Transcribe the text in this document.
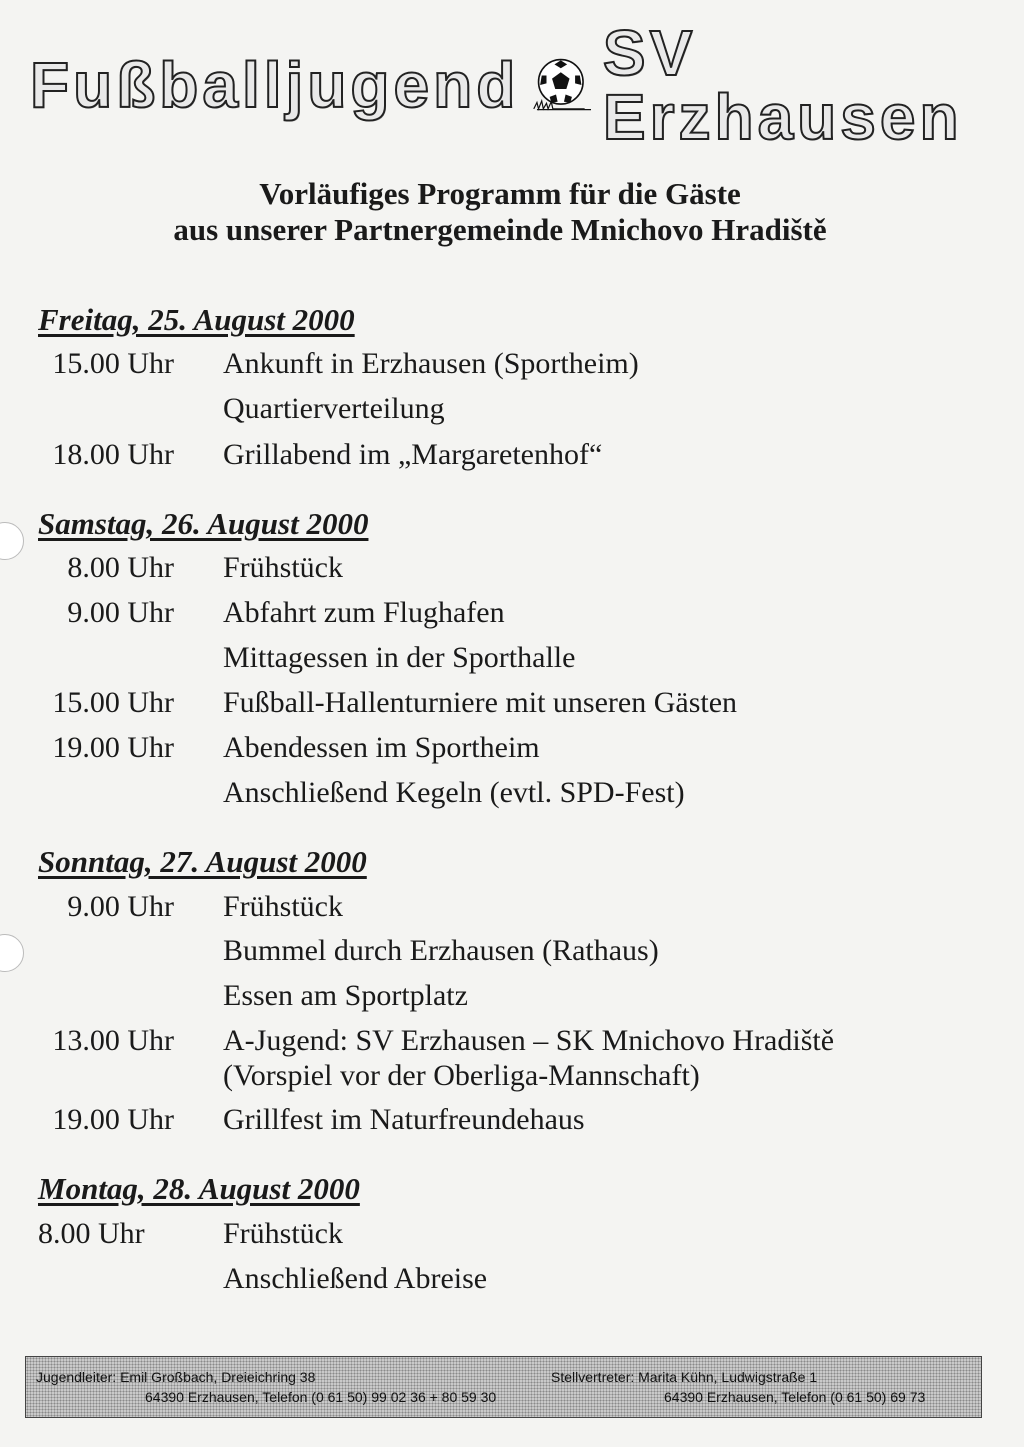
Fußballjugend SV Erzhausen
Vorläufiges Programm für die Gäste
aus unserer Partnergemeinde Mnichovo Hradiště
Freitag, 25. August 2000
15.00 Uhr Ankunft in Erzhausen (Sportheim)
Quartierverteilung
18.00 Uhr Grillabend im „Margaretenhof“
Samstag, 26. August 2000
8.00 Uhr Frühstück
9.00 Uhr Abfahrt zum Flughafen
Mittagessen in der Sporthalle
15.00 Uhr Fußball-Hallenturniere mit unseren Gästen
19.00 Uhr Abendessen im Sportheim
Anschließend Kegeln (evtl. SPD-Fest)
Sonntag, 27. August 2000
9.00 Uhr Frühstück
Bummel durch Erzhausen (Rathaus)
Essen am Sportplatz
13.00 Uhr A-Jugend: SV Erzhausen – SK Mnichovo Hradiště
(Vorspiel vor der Oberliga-Mannschaft)
19.00 Uhr Grillfest im Naturfreundehaus
Montag, 28. August 2000
8.00 Uhr	Frühstück
Anschließend Abreise
Jugendleiter: Emil Großbach, Dreieichring 38
64390 Erzhausen, Telefon (0 61 50) 99 02 36 + 80 59 30
Stellvertreter: Marita Kühn, Ludwigstraße 1
64390 Erzhausen, Telefon (0 61 50) 69 73
